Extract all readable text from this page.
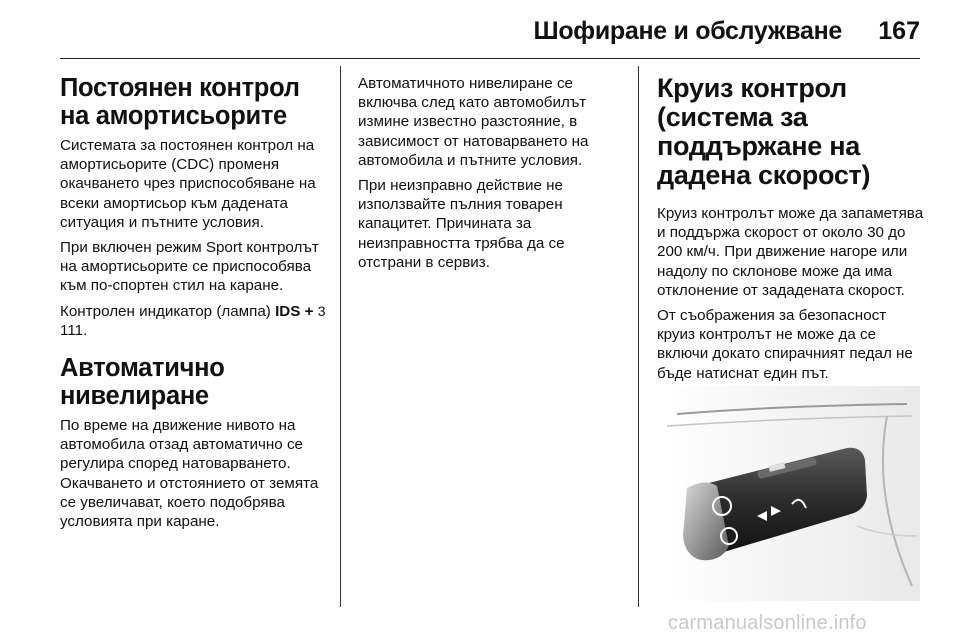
Шофиране и обслужване 167
Постоянен контрол на амортисьорите

Системата за постоянен контрол на амортисьорите (CDC) променя окачването чрез приспособяване на всеки амортисьор към дадената ситуация и пътните условия.

При включен режим Sport контролът на амортисьорите се приспособява към по-спортен стил на каране.

Контролен индикатор (лампа) IDS + 3 111.

Автоматично нивелиране

По време на движение нивото на автомобила отзад автоматично се регулира според натоварването. Окачването и отстоянието от земята се увеличават, което подобрява условията при каране.

Автоматичното нивелиране се включва след като автомобилът измине известно разстояние, в зависимост от натоварването на автомобила и пътните условия.

При неизправно действие не използвайте пълния товарен капацитет. Причината за неизправността трябва да се отстрани в сервиз.

Круиз контрол (система за поддържане на дадена скорост)

Круиз контролът може да запаметява и поддържа скорост от около 30 до 200 км/ч. При движение нагоре или надолу по склонове може да има отклонение от зададената скорост.

От съображения за безопасност круиз контролът не може да се включи докато спирачният педал не бъде натиснат един път.

carmanualsonline.info
